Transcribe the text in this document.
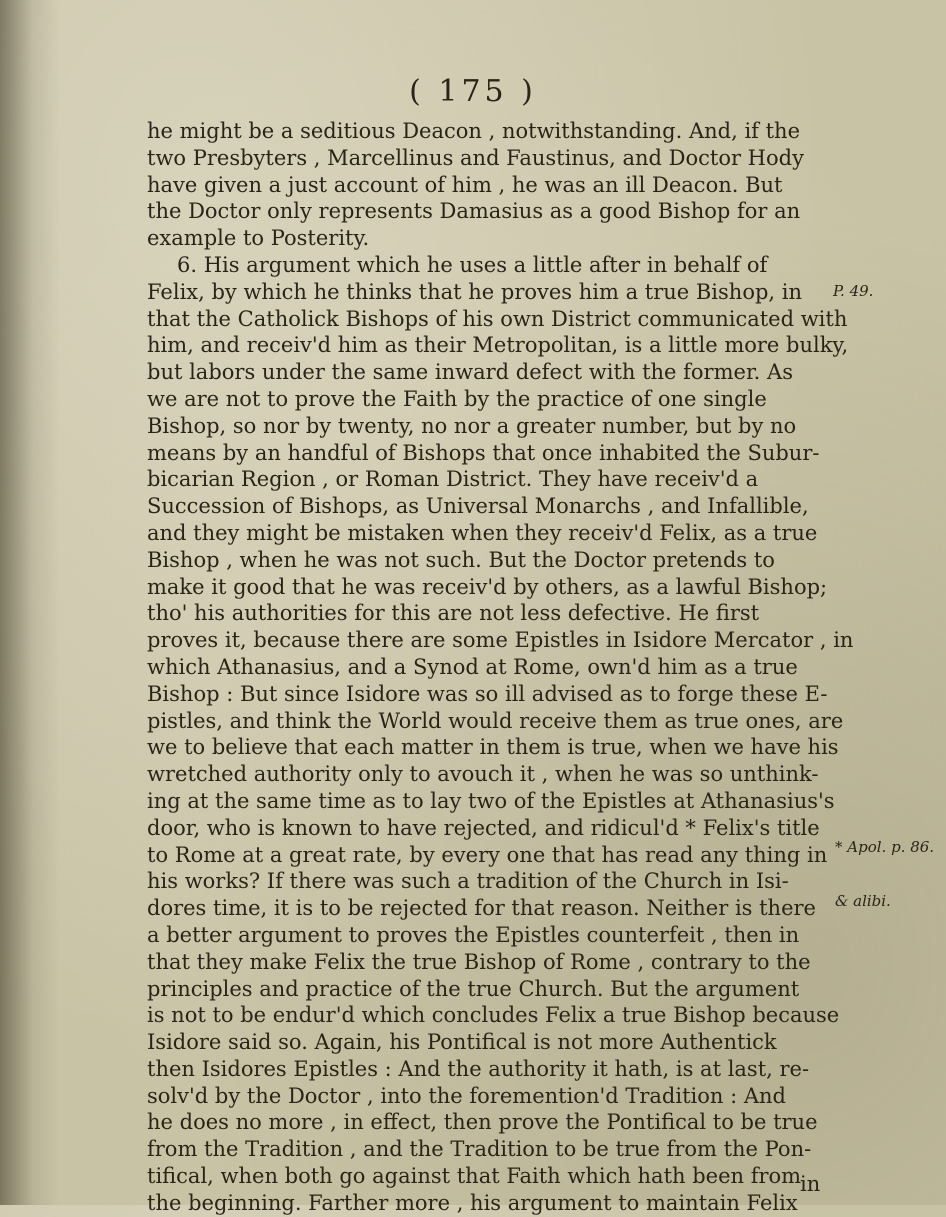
( 175 )
he might be a seditious Deacon , notwithstanding. And, if the
two Presbyters , Marcellinus and Faustinus, and Doctor Hody
have given a just account of him , he was an ill Deacon. But
the Doctor only represents Damasius as a good Bishop for an
example to Posterity.
6. His argument which he uses a little after in behalf of
Felix, by which he thinks that he proves him a true Bishop, in
that the Catholick Bishops of his own District communicated with
him, and receiv'd him as their Metropolitan, is a little more bulky,
but labors under the same inward defect with the former. As
we are not to prove the Faith by the practice of one single
Bishop, so nor by twenty, no nor a greater number, but by no
means by an handful of Bishops that once inhabited the Subur-
bicarian Region , or Roman District. They have receiv'd a
Succession of Bishops, as Universal Monarchs , and Infallible,
and they might be mistaken when they receiv'd Felix, as a true
Bishop , when he was not such. But the Doctor pretends to
make it good that he was receiv'd by others, as a lawful Bishop;
tho' his authorities for this are not less defective. He first
proves it, because there are some Epistles in Isidore Mercator , in
which Athanasius, and a Synod at Rome, own'd him as a true
Bishop : But since Isidore was so ill advised as to forge these E-
pistles, and think the World would receive them as true ones, are
we to believe that each matter in them is true, when we have his
wretched authority only to avouch it , when he was so unthink-
ing at the same time as to lay two of the Epistles at Athanasius's
door, who is known to have rejected, and ridicul'd * Felix's title
to Rome at a great rate, by every one that has read any thing in
his works? If there was such a tradition of the Church in Isi-
dores time, it is to be rejected for that reason. Neither is there
a better argument to proves the Epistles counterfeit , then in
that they make Felix the true Bishop of Rome , contrary to the
principles and practice of the true Church. But the argument
is not to be endur'd which concludes Felix a true Bishop because
Isidore said so. Again, his Pontifical is not more Authentick
then Isidores Epistles : And the authority it hath, is at last, re-
solv'd by the Doctor , into the foremention'd Tradition : And
he does no more , in effect, then prove the Pontifical to be true
from the Tradition , and the Tradition to be true from the Pon-
tifical, when both go against that Faith which hath been from
the beginning. Farther more , his argument to maintain Felix
P. 49.

* Apol. p. 86.

& alibi.

in
